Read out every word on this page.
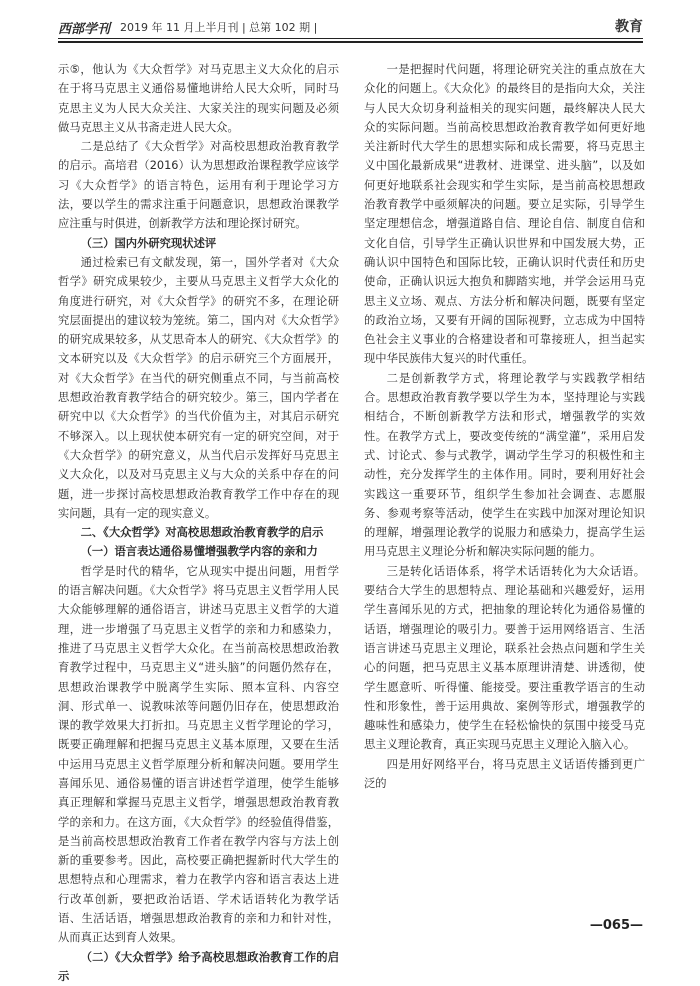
西部学刊 2019 年 11 月上半月刊 | 总第 102 期 |	教育

示⑤，他认为《大众哲学》对马克思主义大众化的启示在于将马克思主义通俗易懂地讲给人民大众听，同时马克思主义为人民大众关注、大家关注的现实问题及必须做马克思主义从书斋走进人民大众。

二是总结了《大众哲学》对高校思想政治教育教学的启示。高培君（2016）认为思想政治课程教学应该学习《大众哲学》的语言特色，运用有利于理论学习方法，要以学生的需求注重于问题意识，思想政治课教学应注重与时俱进，创新教学方法和理论探讨研究。

（三）国内外研究现状述评

通过检索已有文献发现，第一，国外学者对《大众哲学》研究成果较少，主要从马克思主义哲学大众化的角度进行研究，对《大众哲学》的研究不多，在理论研究层面提出的建议较为笼统。第二，国内对《大众哲学》的研究成果较多，从艾思奇本人的研究、《大众哲学》的文本研究以及《大众哲学》的启示研究三个方面展开，对《大众哲学》在当代的研究侧重点不同，与当前高校思想政治教育教学结合的研究较少。第三，国内学者在研究中以《大众哲学》的当代价值为主，对其启示研究不够深入。以上现状使本研究有一定的研究空间，对于《大众哲学》的研究意义，从当代启示发挥好马克思主义大众化，以及对马克思主义与大众的关系中存在的问题，进一步探讨高校思想政治教育教学工作中存在的现实问题，具有一定的现实意义。

二、《大众哲学》对高校思想政治教育教学的启示

（一）语言表达通俗易懂增强教学内容的亲和力

哲学是时代的精华，它从现实中提出问题，用哲学的语言解决问题。《大众哲学》将马克思主义哲学用人民大众能够理解的通俗语言，讲述马克思主义哲学的大道理，进一步增强了马克思主义哲学的亲和力和感染力，推进了马克思主义哲学大众化。在当前高校思想政治教育教学过程中，马克思主义“进头脑”的问题仍然存在，思想政治课教学中脱离学生实际、照本宣科、内容空洞、形式单一、说教味浓等问题仍旧存在，使思想政治课的教学效果大打折扣。马克思主义哲学理论的学习，既要正确理解和把握马克思主义基本原理，又要在生活中运用马克思主义哲学原理分析和解决问题。要用学生喜闻乐见、通俗易懂的语言讲述哲学道理，使学生能够真正理解和掌握马克思主义哲学，增强思想政治教育教学的亲和力。在这方面，《大众哲学》的经验值得借鉴，是当前高校思想政治教育工作者在教学内容与方法上创新的重要参考。因此，高校要正确把握新时代大学生的思想特点和心理需求，着力在教学内容和语言表达上进行改革创新，要把政治话语、学术话语转化为教学话语、生活话语，增强思想政治教育的亲和力和针对性，从而真正达到育人效果。

（二）《大众哲学》给予高校思想政治教育工作的启示

一是把握时代问题，将理论研究关注的重点放在大众化的问题上。《大众化》的最终目的是指向大众，关注与人民大众切身利益相关的现实问题，最终解决人民大众的实际问题。当前高校思想政治教育教学如何更好地关注新时代大学生的思想实际和成长需要，将马克思主义中国化最新成果“进教材、进课堂、进头脑”，以及如何更好地联系社会现实和学生实际，是当前高校思想政治教育教学中亟须解决的问题。要立足实际，引导学生坚定理想信念，增强道路自信、理论自信、制度自信和文化自信，引导学生正确认识世界和中国发展大势，正确认识中国特色和国际比较，正确认识时代责任和历史使命，正确认识远大抱负和脚踏实地，并学会运用马克思主义立场、观点、方法分析和解决问题，既要有坚定的政治立场，又要有开阔的国际视野，立志成为中国特色社会主义事业的合格建设者和可靠接班人，担当起实现中华民族伟大复兴的时代重任。

二是创新教学方式，将理论教学与实践教学相结合。思想政治教育教学要以学生为本，坚持理论与实践相结合，不断创新教学方法和形式，增强教学的实效性。在教学方式上，要改变传统的“满堂灌”，采用启发式、讨论式、参与式教学，调动学生学习的积极性和主动性，充分发挥学生的主体作用。同时，要利用好社会实践这一重要环节，组织学生参加社会调查、志愿服务、参观考察等活动，使学生在实践中加深对理论知识的理解，增强理论教学的说服力和感染力，提高学生运用马克思主义理论分析和解决实际问题的能力。

三是转化话语体系，将学术话语转化为大众话语。要结合大学生的思想特点、理论基础和兴趣爱好，运用学生喜闻乐见的方式，把抽象的理论转化为通俗易懂的话语，增强理论的吸引力。要善于运用网络语言、生活语言讲述马克思主义理论，联系社会热点问题和学生关心的问题，把马克思主义基本原理讲清楚、讲透彻，使学生愿意听、听得懂、能接受。要注重教学语言的生动性和形象性，善于运用典故、案例等形式，增强教学的趣味性和感染力，使学生在轻松愉快的氛围中接受马克思主义理论教育，真正实现马克思主义理论入脑入心。

四是用好网络平台，将马克思主义话语传播到更广泛的

—065—
